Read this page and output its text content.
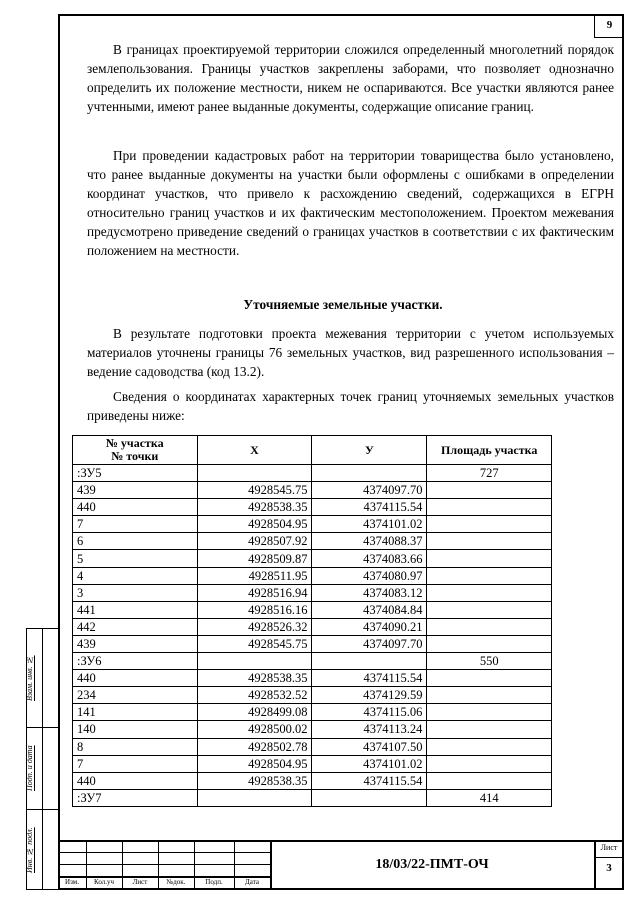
9

В границах проектируемой территории сложился определенный многолетний порядок землепользования. Границы участков закреплены заборами, что позволяет однозначно определить их положение местности, никем не оспариваются. Все участки являются ранее учтенными, имеют ранее выданные документы, содержащие описание границ.

При проведении кадастровых работ на территории товарищества было установлено, что ранее выданные документы на участки были оформлены с ошибками в определении координат участков, что привело к расхождению сведений, содержащихся в ЕГРН относительно границ участков и их фактическим местоположением. Проектом межевания предусмотрено приведение сведений о границах участков в соответствии с их фактическим положением на местности.

Уточняемые земельные участки.

В результате подготовки проекта межевания территории с учетом используемых материалов уточнены границы 76 земельных участков, вид разрешенного использования – ведение садоводства (код 13.2).

Сведения о координатах характерных точек границ уточняемых земельных участков приведены ниже:

№ участка
№ точки	X	У	Площадь участка
:ЗУ5			727
439	4928545.75	4374097.70	
440	4928538.35	4374115.54	
7	4928504.95	4374101.02	
6	4928507.92	4374088.37	
5	4928509.87	4374083.66	
4	4928511.95	4374080.97	
3	4928516.94	4374083.12	
441	4928516.16	4374084.84	
442	4928526.32	4374090.21	
439	4928545.75	4374097.70	
:ЗУ6			550
440	4928538.35	4374115.54	
234	4928532.52	4374129.59	
141	4928499.08	4374115.06	
140	4928500.02	4374113.24	
8	4928502.78	4374107.50	
7	4928504.95	4374101.02	
440	4928538.35	4374115.54	
:ЗУ7			414
Взам. инв. №
Подп. и дата
Инв. № подл.
Изм.	Кол.уч	Лист	№док.	Подп.	Дата
18/03/22-ПМТ-ОЧ
Лист
3
